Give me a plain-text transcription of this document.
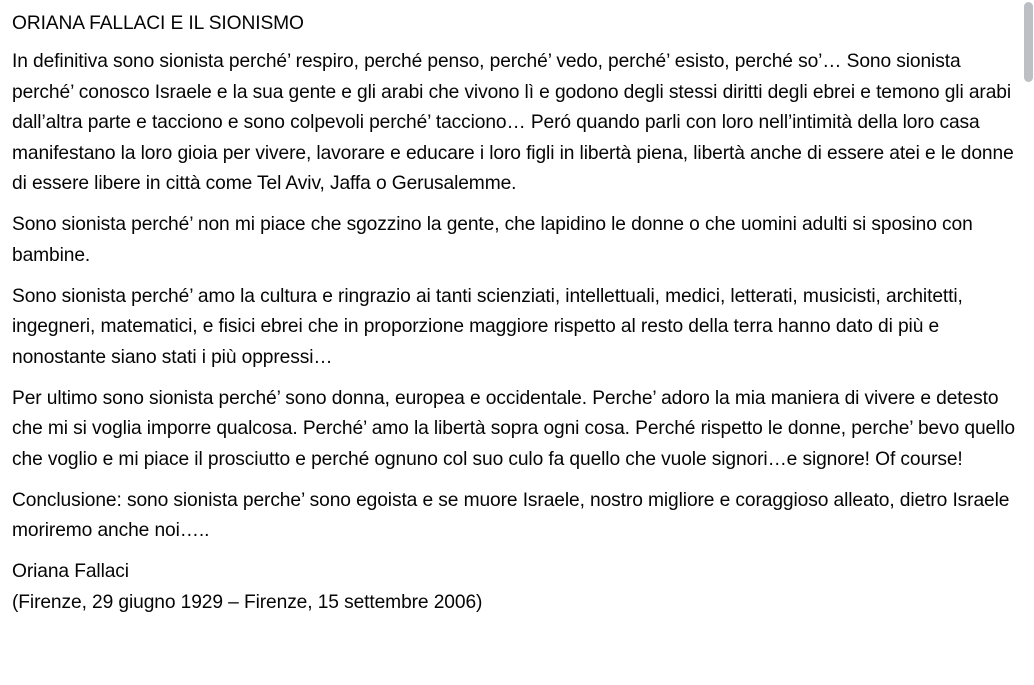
ORIANA FALLACI E IL SIONISMO

In definitiva sono sionista perché’ respiro, perché penso, perché’ vedo, perché’ esisto, perché so’… Sono sionista perché’ conosco Israele e la sua gente e gli arabi che vivono lì e godono degli stessi diritti degli ebrei e temono gli arabi dall’altra parte e tacciono e sono colpevoli perché’ tacciono… Peró quando parli con loro nell’intimità della loro casa manifestano la loro gioia per vivere, lavorare e educare i loro figli in libertà piena, libertà anche di essere atei e le donne di essere libere in città come Tel Aviv, Jaffa o Gerusalemme.

Sono sionista perché’ non mi piace che sgozzino la gente, che lapidino le donne o che uomini adulti si sposino con bambine.

Sono sionista perché’ amo la cultura e ringrazio ai tanti scienziati, intellettuali, medici, letterati, musicisti, architetti, ingegneri, matematici, e fisici ebrei che in proporzione maggiore rispetto al resto della terra hanno dato di più e nonostante siano stati i più oppressi…

Per ultimo sono sionista perché’ sono donna, europea e occidentale. Perche’ adoro la mia maniera di vivere e detesto che mi si voglia imporre qualcosa. Perché’ amo la libertà sopra ogni cosa. Perché rispetto le donne, perche’ bevo quello che voglio e mi piace il prosciutto e perché ognuno col suo culo fa quello che vuole signori…e signore! Of course!

Conclusione: sono sionista perche’ sono egoista e se muore Israele, nostro migliore e coraggioso alleato, dietro Israele moriremo anche noi…..

Oriana Fallaci
(Firenze, 29 giugno 1929 – Firenze, 15 settembre 2006)
